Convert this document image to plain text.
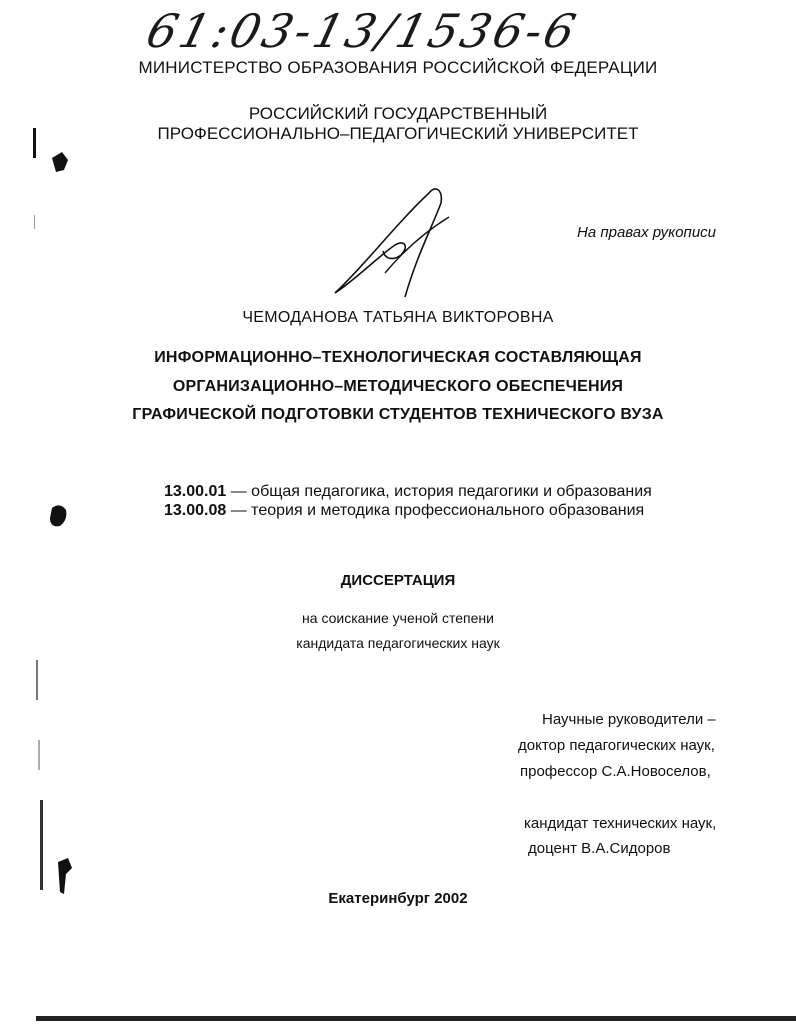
61:03-13/1536-6
МИНИСТЕРСТВО ОБРАЗОВАНИЯ РОССИЙСКОЙ ФЕДЕРАЦИИ
РОССИЙСКИЙ ГОСУДАРСТВЕННЫЙ
ПРОФЕССИОНАЛЬНО–ПЕДАГОГИЧЕСКИЙ УНИВЕРСИТЕТ
На правах рукописи
ЧЕМОДАНОВА ТАТЬЯНА ВИКТОРОВНА
ИНФОРМАЦИОННО–ТЕХНОЛОГИЧЕСКАЯ СОСТАВЛЯЮЩАЯ
ОРГАНИЗАЦИОННО–МЕТОДИЧЕСКОГО ОБЕСПЕЧЕНИЯ
ГРАФИЧЕСКОЙ ПОДГОТОВКИ СТУДЕНТОВ ТЕХНИЧЕСКОГО ВУЗА
13.00.01 — общая педагогика, история педагогики и образования
13.00.08 — теория и методика профессионального образования
ДИССЕРТАЦИЯ
на соискание ученой степени
кандидата педагогических наук
Научные руководители –
доктор педагогических наук,
профессор С.А.Новоселов,
кандидат технических наук,
доцент В.А.Сидоров
Екатеринбург 2002
